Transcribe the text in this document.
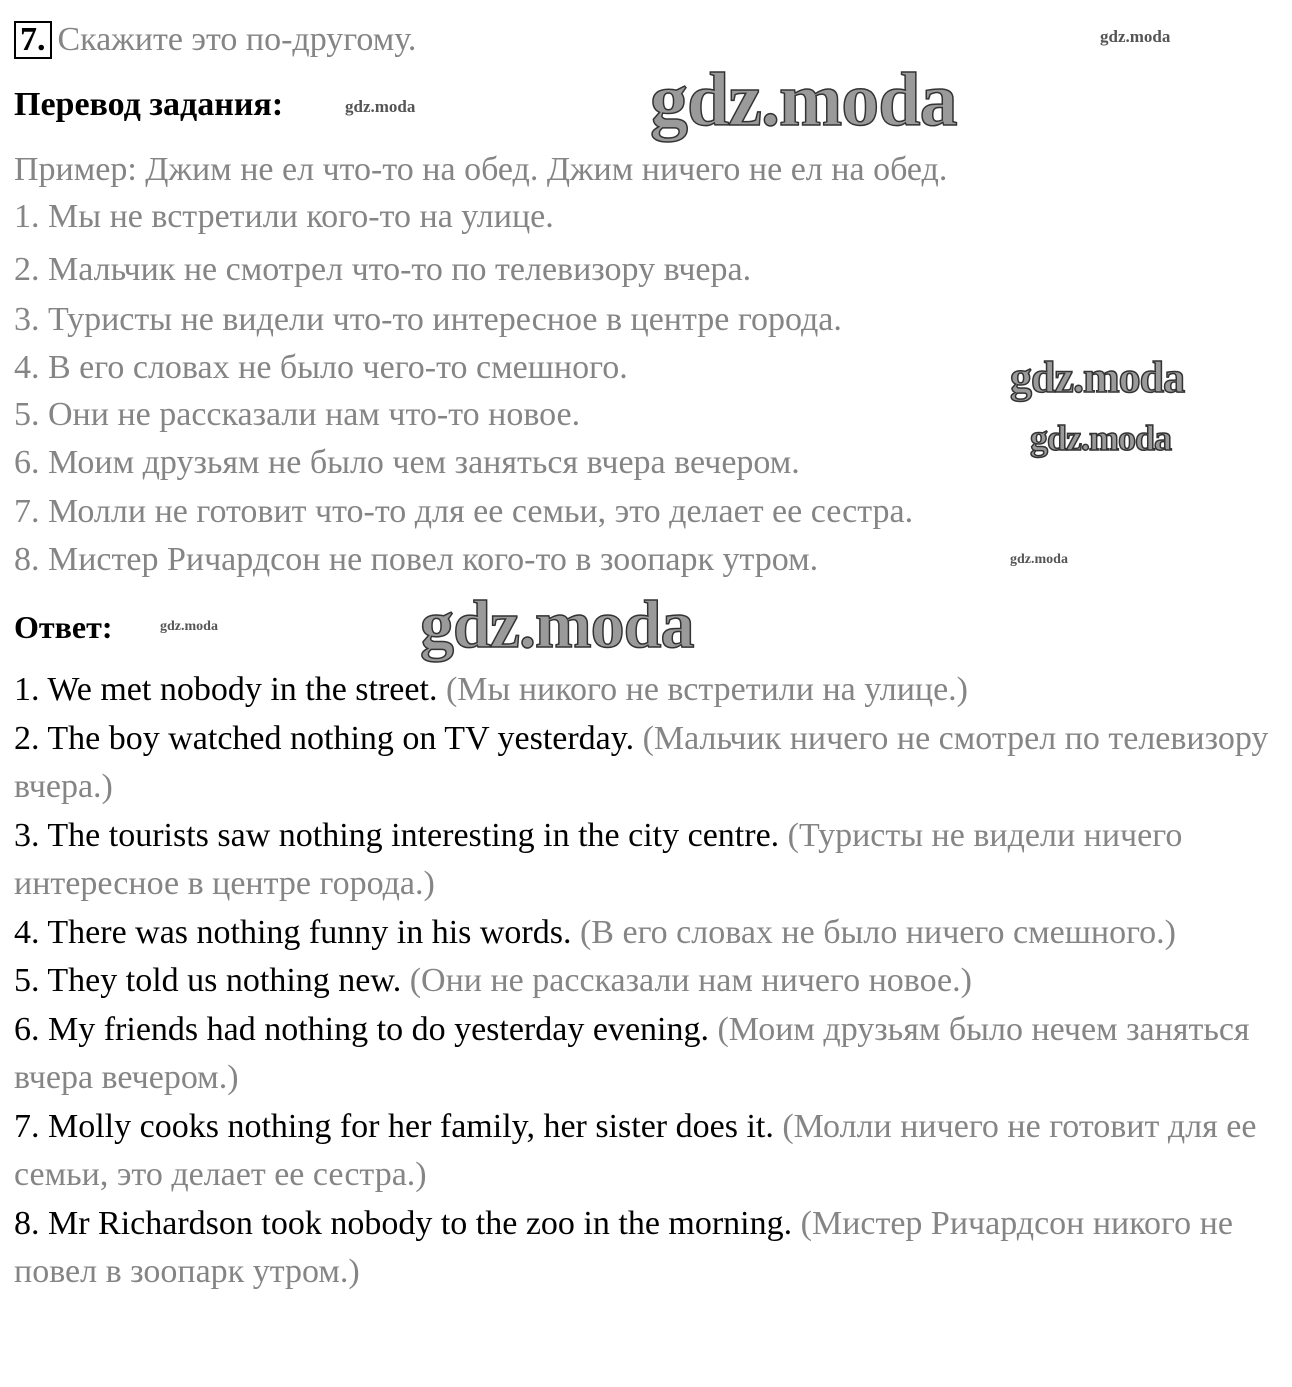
7. Скажите это по-другому.
Перевод задания:
Пример: Джим не ел что-то на обед. Джим ничего не ел на обед.
1. Мы не встретили кого-то на улице.
2. Мальчик не смотрел что-то по телевизору вчера.
3. Туристы не видели что-то интересное в центре города.
4. В его словах не было чего-то смешного.
5. Они не рассказали нам что-то новое.
6. Моим друзьям не было чем заняться вчера вечером.
7. Молли не готовит что-то для ее семьи, это делает ее сестра.
8. Мистер Ричардсон не повел кого-то в зоопарк утром.
Ответ:
1. We met nobody in the street. (Мы никого не встретили на улице.)
2. The boy watched nothing on TV yesterday. (Мальчик ничего не смотрел по телевизору вчера.)
3. The tourists saw nothing interesting in the city centre. (Туристы не видели ничего интересное в центре города.)
4. There was nothing funny in his words. (В его словах не было ничего смешного.)
5. They told us nothing new. (Они не рассказали нам ничего новое.)
6. My friends had nothing to do yesterday evening. (Моим друзьям было нечем заняться вчера вечером.)
7. Molly cooks nothing for her family, her sister does it. (Молли ничего не готовит для ее семьи, это делает ее сестра.)
8. Mr Richardson took nobody to the zoo in the morning. (Мистер Ричардсон никого не повел в зоопарк утром.)
gdz.moda
gdz.moda
gdz.moda
gdz.moda
gdz.moda
gdz.moda
gdz.moda
gdz.moda
